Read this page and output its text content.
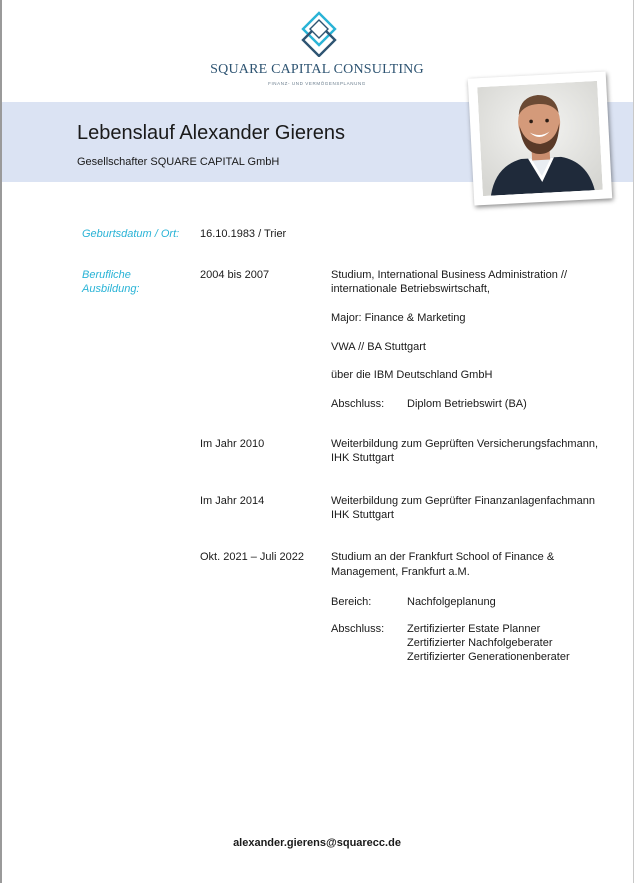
SQUARE CAPITAL CONSULTING
FINANZ- UND VERMÖGENSPLANUNG
Lebenslauf Alexander Gierens
Gesellschafter SQUARE CAPITAL GmbH
Geburtsdatum / Ort: 16.10.1983 / Trier
Berufliche
Ausbildung:
2004 bis 2007	Studium, International Business Administration //
internationale Betriebswirtschaft,
Major: Finance & Marketing
VWA // BA Stuttgart
über die IBM Deutschland GmbH
Abschluss: Diplom Betriebswirt (BA)
Im Jahr 2010	Weiterbildung zum Geprüften Versicherungsfachmann,
IHK Stuttgart
Im Jahr 2014	Weiterbildung zum Geprüfter Finanzanlagenfachmann
IHK Stuttgart
Okt. 2021 – Juli 2022 Studium an der Frankfurt School of Finance &
Management, Frankfurt a.M.
Bereich:	Nachfolgeplanung
Abschluss: Zertifizierter Estate Planner
Zertifizierter Nachfolgeberater
Zertifizierter Generationenberater
alexander.gierens@squarecc.de
